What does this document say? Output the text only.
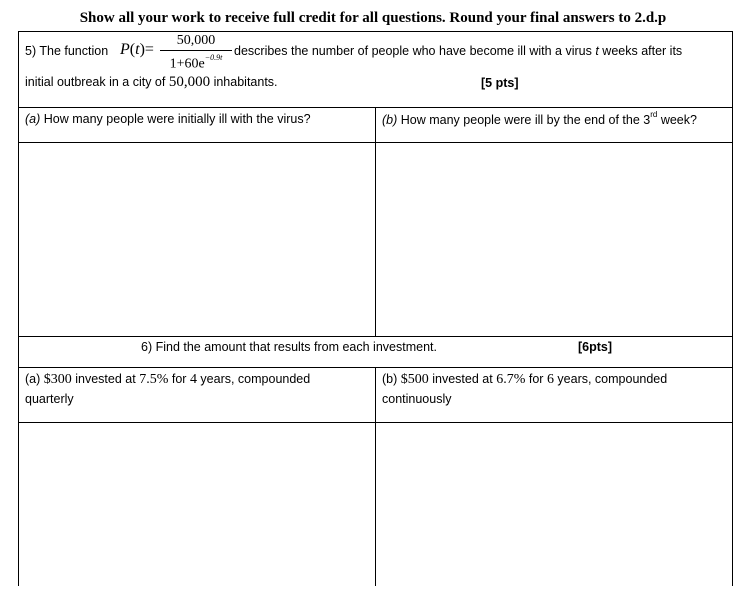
Show all your work to receive full credit for all questions. Round your final answers to 2.d.p
5) The function P(t)=
50,000
$1+60e^{-0.9t}$ describes the number of people who have become ill with a virus t weeks after its
initial outbreak in a city of 50,000 inhabitants.	[5 pts]
(a) How many people were initially ill with the virus?	(b) How many people were ill by the end of the 3rd week?
6) Find the amount that results from each investment.	[6pts]
(a) $300 invested at 7.5% for 4 years, compounded
quarterly
(b) $500 invested at 6.7% for 6 years, compounded
continuously
